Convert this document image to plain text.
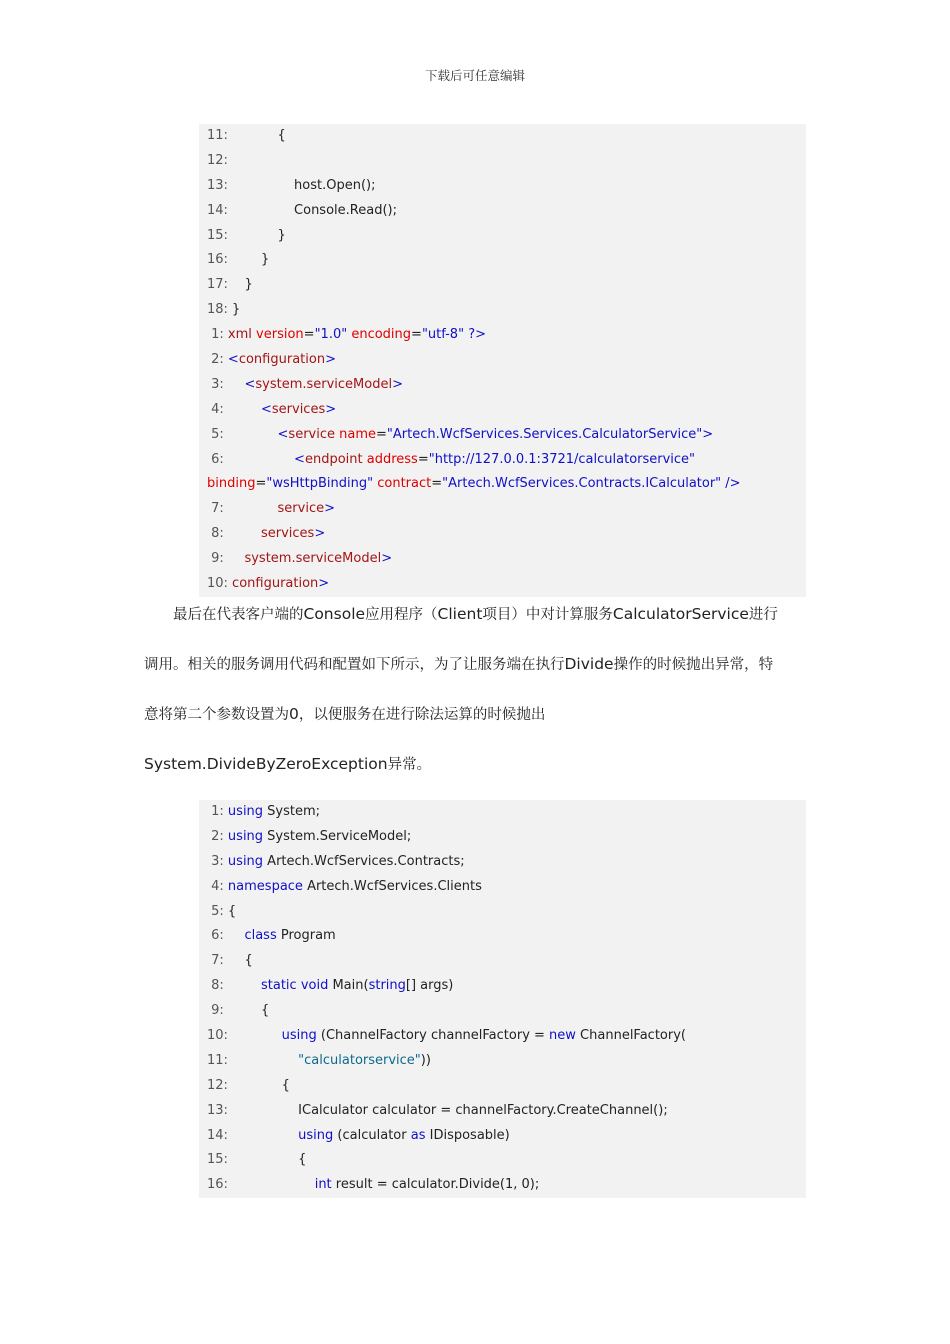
下载后可任意编辑
11:            {
12:
13:                host.Open();
14:                Console.Read();
15:            }
16:        }
17:    }
18: }
1: xml version="1.0" encoding="utf-8" ?>
2: <configuration>
3:     <system.serviceModel>
4:         <services>
5:             <service name="Artech.WcfServices.Services.CalculatorService">
6:                 <endpoint address="http://127.0.0.1:3721/calculatorservice"
binding="wsHttpBinding" contract="Artech.WcfServices.Contracts.ICalculator" />
7:             service>
8:         services>
9:     system.serviceModel>
10: configuration>
　　最后在代表客户端的Console应用程序（Client项目）中对计算服务CalculatorService进行
调用。相关的服务调用代码和配置如下所示，为了让服务端在执行Divide操作的时候抛出异常，特
意将第二个参数设置为0，以便服务在进行除法运算的时候抛出
System.DivideByZeroException异常。
1: using System;
2: using System.ServiceModel;
3: using Artech.WcfServices.Contracts;
4: namespace Artech.WcfServices.Clients
5: {
6:     class Program
7:     {
8:         static void Main(string[] args)
9:         {
10:             using (ChannelFactory channelFactory = new ChannelFactory(
11:                 "calculatorservice"))
12:             {
13:                 ICalculator calculator = channelFactory.CreateChannel();
14:                 using (calculator as IDisposable)
15:                 {
16:                     int result = calculator.Divide(1, 0);
